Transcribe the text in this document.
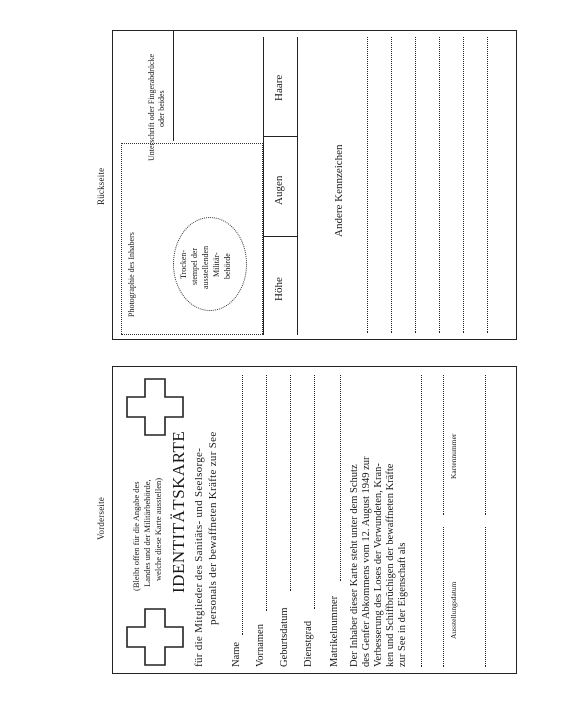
Vorderseite
Rückseite
(Bleibt offen für die Angabe des Landes und der Militärbehörde, welche diese Karte ausstellen) IDENTITÄTSKARTE für die Mitglieder des Sanitäts- und Seelsorge- personals der bewaffneten Kräfte zur See
Name Vornamen Geburtsdatum Dienstgrad Matrikelnummer Der Inhaber dieser Karte steht unter dem Schutz des Genfer Abkommens vom 12. August 1949 zur Verbesserung des Loses der Verwundeten, Kran- ken und Schiffbrüchigen der bewaffneten Kräfte zur See in der Eigenschaft als	Ausstellungsdatum
Kartennummer
Photographie des Inhabers	Trocken- stempel der ausstellenden Militär- behörde
Unterschrift oder Fingerabdrücke oder beides
Höhe
Augen
Haare
Andere Kennzeichen
